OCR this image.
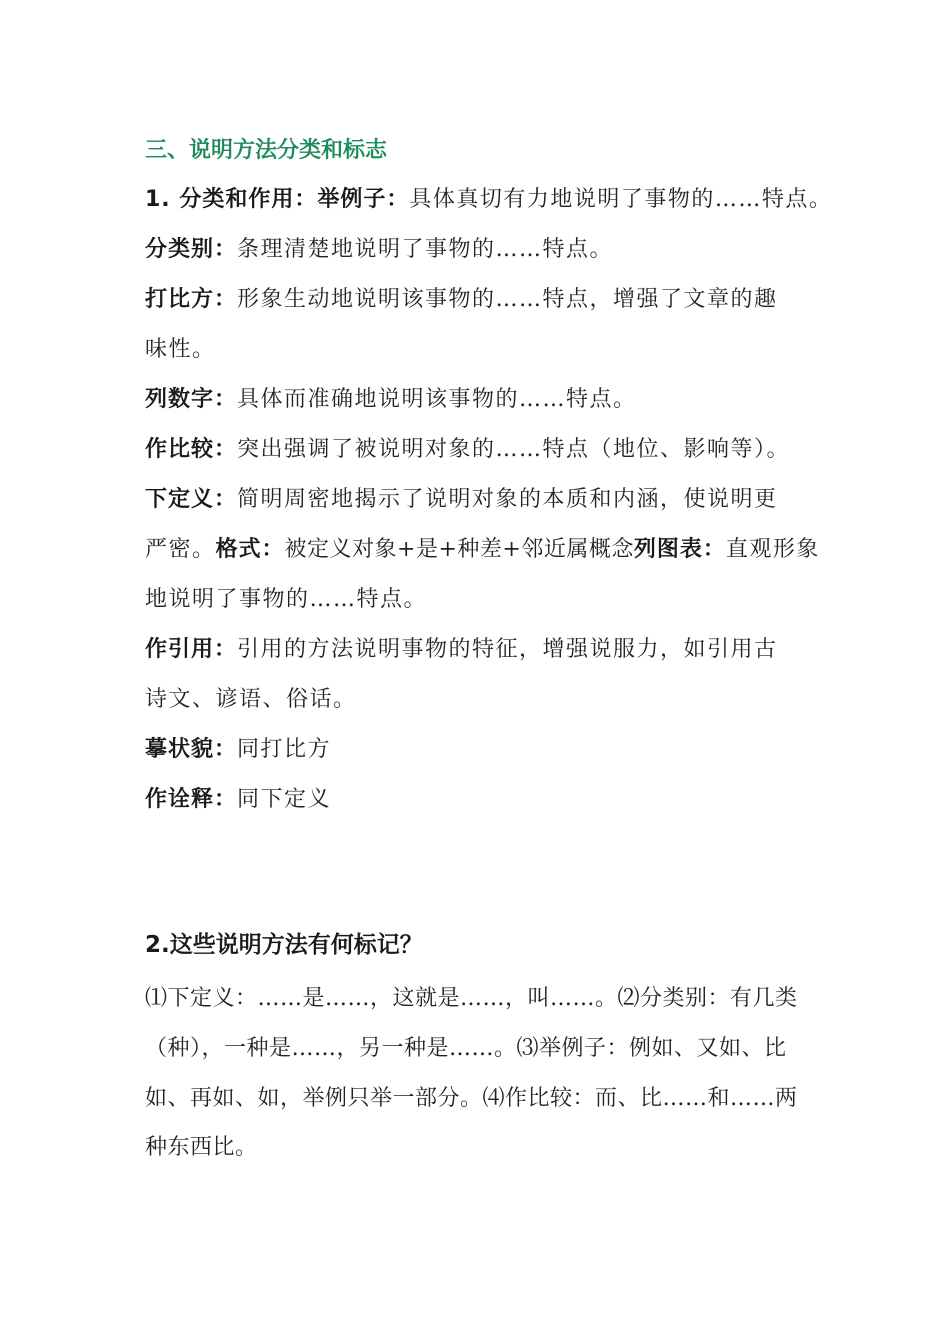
三、说明方法分类和标志
1. 分类和作用：举例子：具体真切有力地说明了事物的……特点。
分类别：条理清楚地说明了事物的……特点。
打比方：形象生动地说明该事物的……特点，增强了文章的趣
味性。
列数字：具体而准确地说明该事物的……特点。
作比较：突出强调了被说明对象的……特点（地位、影响等）。
下定义：简明周密地揭示了说明对象的本质和内涵，使说明更
严密。格式：被定义对象+是+种差+邻近属概念列图表：直观形象
地说明了事物的……特点。
作引用：引用的方法说明事物的特征，增强说服力，如引用古
诗文、谚语、俗话。
摹状貌：同打比方
作诠释：同下定义
2.这些说明方法有何标记？
⑴下定义：……是……，这就是……，叫……。⑵分类别：有几类
（种），一种是……，另一种是……。⑶举例子：例如、又如、比
如、再如、如，举例只举一部分。⑷作比较：而、比……和……两
种东西比。
